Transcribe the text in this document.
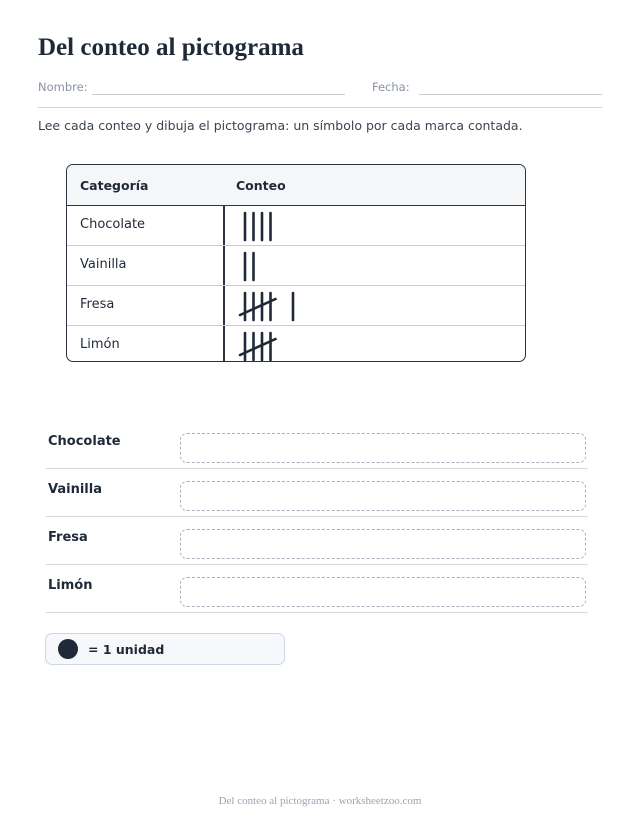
Del conteo al pictograma
Nombre:	Fecha:
Lee cada conteo y dibuja el pictograma: un símbolo por cada marca contada.
Categoría	Conteo
Chocolate
Vainilla
Fresa
Limón
Chocolate
Vainilla
Fresa
Limón
= 1 unidad
Del conteo al pictograma · worksheetzoo.com
